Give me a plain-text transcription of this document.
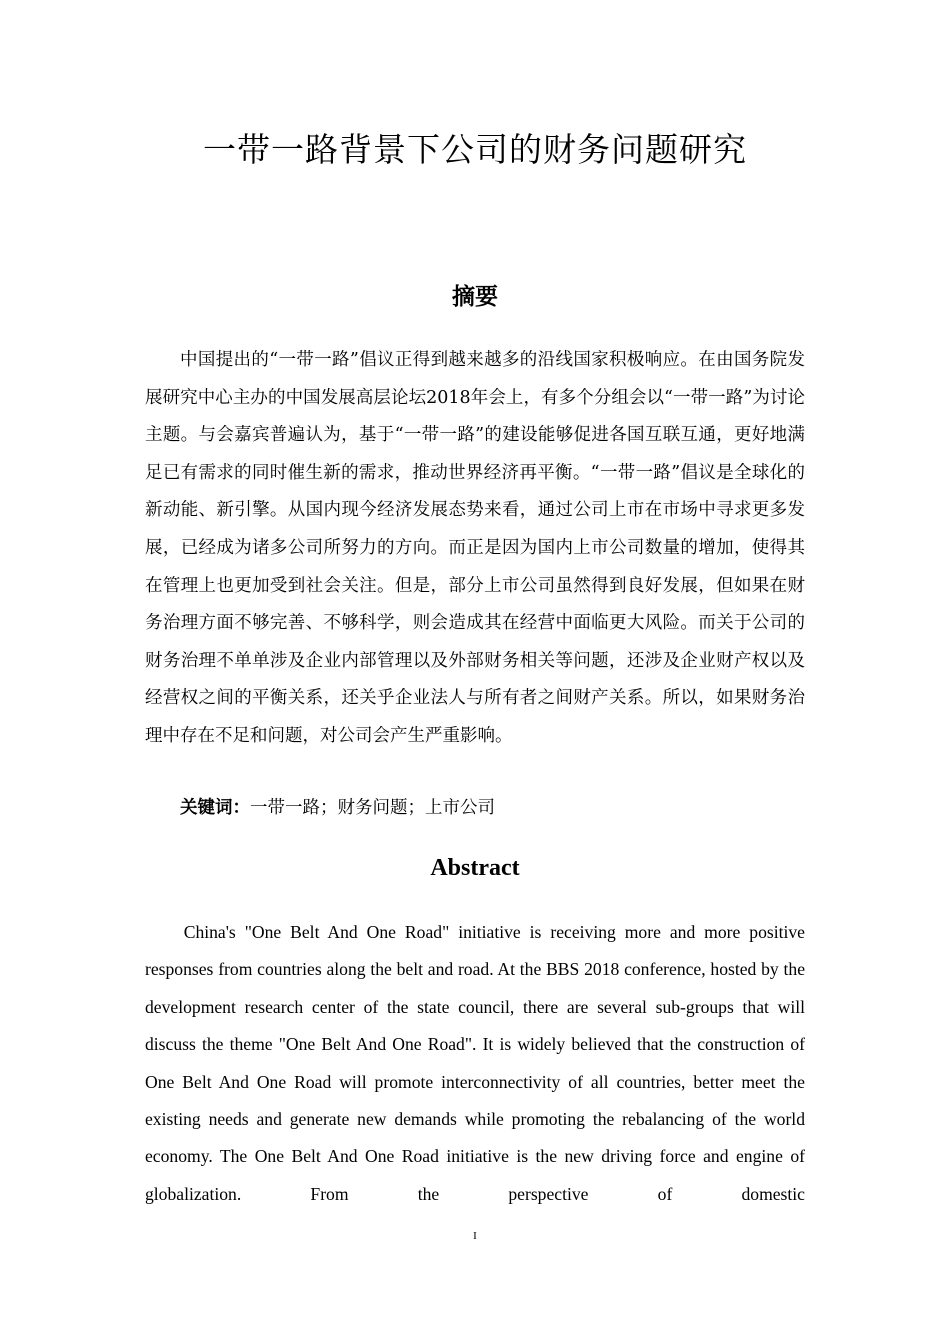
一带一路背景下公司的财务问题研究
摘要

中国提出的“一带一路”倡议正得到越来越多的沿线国家积极响应。在由国务院发展研究中心主办的中国发展高层论坛2018年会上，有多个分组会以“一带一路”为讨论主题。与会嘉宾普遍认为，基于“一带一路”的建设能够促进各国互联互通，更好地满足已有需求的同时催生新的需求，推动世界经济再平衡。“一带一路”倡议是全球化的新动能、新引擎。从国内现今经济发展态势来看，通过公司上市在市场中寻求更多发展，已经成为诸多公司所努力的方向。而正是因为国内上市公司数量的增加，使得其在管理上也更加受到社会关注。但是，部分上市公司虽然得到良好发展，但如果在财务治理方面不够完善、不够科学，则会造成其在经营中面临更大风险。而关于公司的财务治理不单单涉及企业内部管理以及外部财务相关等问题，还涉及企业财产权以及经营权之间的平衡关系，还关乎企业法人与所有者之间财产关系。所以，如果财务治理中存在不足和问题，对公司会产生严重影响。

关键词：一带一路；财务问题；上市公司

Abstract

China's "One Belt And One Road" initiative is receiving more and more positive responses from countries along the belt and road. At the BBS 2018 conference, hosted by the development research center of the state council, there are several sub-groups that will discuss the theme "One Belt And One Road". It is widely believed that the construction of One Belt And One Road will promote interconnectivity of all countries, better meet the existing needs and generate new demands while promoting the rebalancing of the world economy. The One Belt And One Road initiative is the new driving force and engine of globalization. From the perspective of domestic

I
